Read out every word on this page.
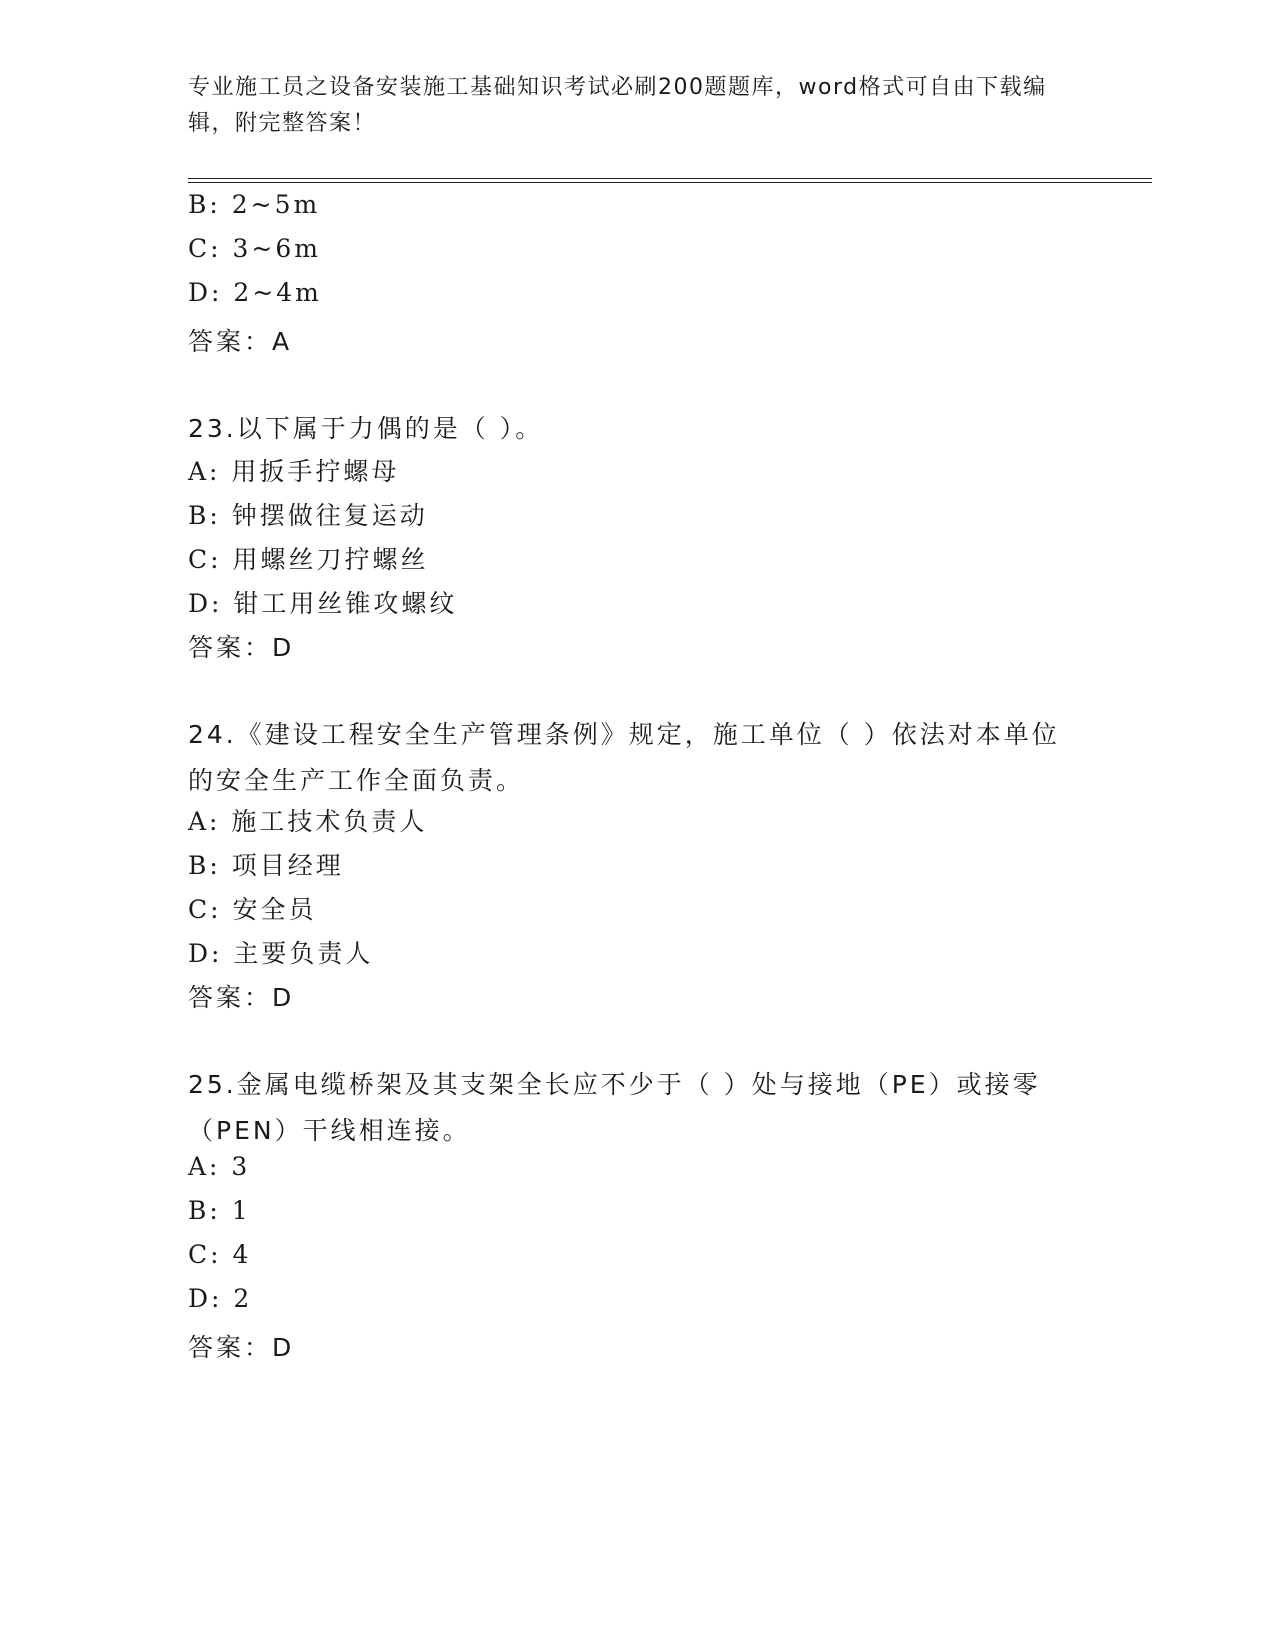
专业施工员之设备安装施工基础知识考试必刷200题题库，word格式可自由下载编辑，附完整答案！
B: 2~5m
C: 3~6m
D: 2~4m
答案：A
23.以下属于力偶的是（ ）。
A: 用扳手拧螺母
B: 钟摆做往复运动
C: 用螺丝刀拧螺丝
D: 钳工用丝锥攻螺纹
答案：D
24.《建设工程安全生产管理条例》规定，施工单位（ ）依法对本单位的安全生产工作全面负责。
A: 施工技术负责人
B: 项目经理
C: 安全员
D: 主要负责人
答案：D
25.金属电缆桥架及其支架全长应不少于（ ）处与接地（PE）或接零（PEN）干线相连接。
A: 3
B: 1
C: 4
D: 2
答案：D
